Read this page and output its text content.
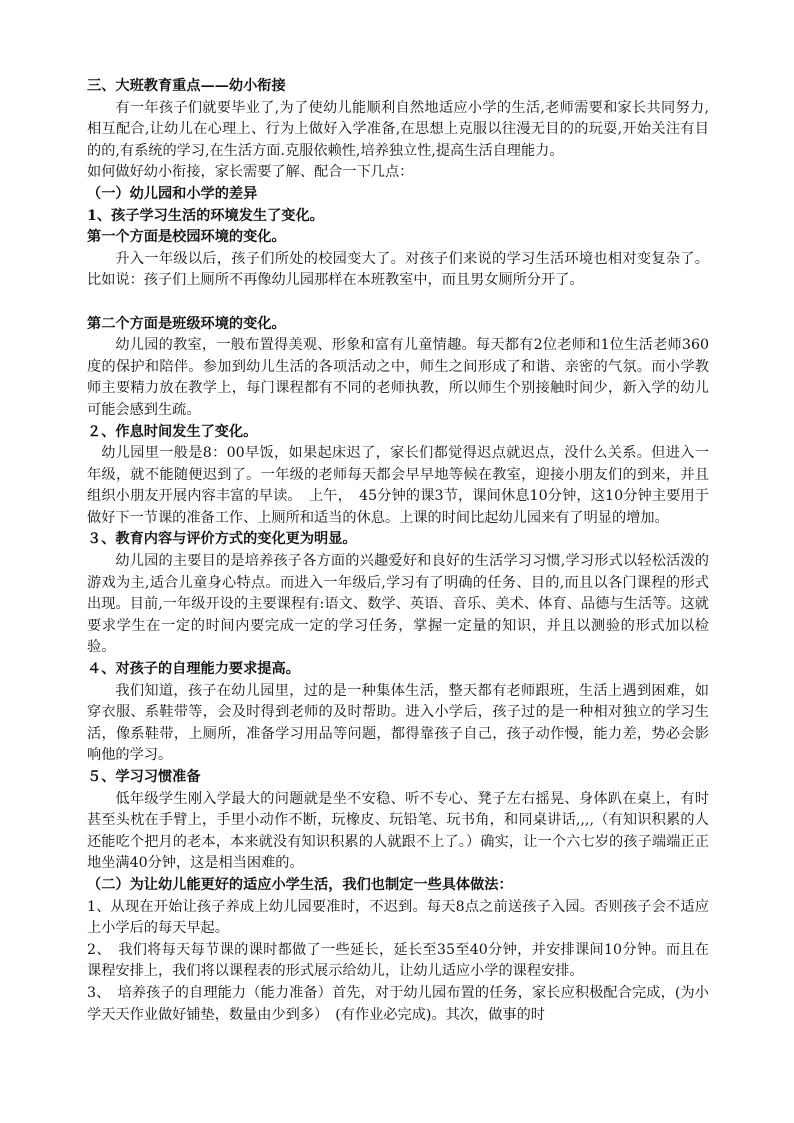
三、大班教育重点——幼小衔接

有一年孩子们就要毕业了,为了使幼儿能顺利自然地适应小学的生活,老师需要和家长共同努力,相互配合,让幼儿在心理上、行为上做好入学准备,在思想上克服以往漫无目的的玩耍,开始关注有目的的,有系统的学习,在生活方面.克服依赖性,培养独立性,提高生活自理能力。

如何做好幼小衔接，家长需要了解、配合一下几点：

（一）幼儿园和小学的差异

1、孩子学习生活的环境发生了变化。

第一个方面是校园环境的变化。

升入一年级以后，孩子们所处的校园变大了。对孩子们来说的学习生活环境也相对变复杂了。比如说：孩子们上厕所不再像幼儿园那样在本班教室中，而且男女厕所分开了。

第二个方面是班级环境的变化。

幼儿园的教室，一般布置得美观、形象和富有儿童情趣。每天都有2位老师和1位生活老师360度的保护和陪伴。参加到幼儿生活的各项活动之中，师生之间形成了和谐、亲密的气氛。而小学教师主要精力放在教学上，每门课程都有不同的老师执教，所以师生个别接触时间少，新入学的幼儿可能会感到生疏。

２、作息时间发生了变化。

幼儿园里一般是8：00早饭，如果起床迟了，家长们都觉得迟点就迟点，没什么关系。但进入一年级，就不能随便迟到了。一年级的老师每天都会早早地等候在教室，迎接小朋友们的到来，并且组织小朋友开展内容丰富的早读。　上午，　45分钟的课3节，课间休息10分钟，这10分钟主要用于做好下一节课的准备工作、上厕所和适当的休息。上课的时间比起幼儿园来有了明显的增加。

３、教育内容与评价方式的变化更为明显。

幼儿园的主要目的是培养孩子各方面的兴趣爱好和良好的生活学习习惯,学习形式以轻松活泼的游戏为主,适合儿童身心特点。而进入一年级后,学习有了明确的任务、目的,而且以各门课程的形式出现。目前,一年级开设的主要课程有:语文、数学、英语、音乐、美术、体育、品德与生活等。这就要求学生在一定的时间内要完成一定的学习任务，掌握一定量的知识，并且以测验的形式加以检验。

４、对孩子的自理能力要求提高。

我们知道，孩子在幼儿园里，过的是一种集体生活，整天都有老师跟班，生活上遇到困难，如穿衣服、系鞋带等，会及时得到老师的及时帮助。进入小学后，孩子过的是一种相对独立的学习生活，像系鞋带，上厕所，准备学习用品等问题，都得靠孩子自己，孩子动作慢，能力差，势必会影响他的学习。

５、学习习惯准备

低年级学生刚入学最大的问题就是坐不安稳、听不专心、凳子左右摇晃、身体趴在桌上，有时甚至头枕在手臂上，手里小动作不断，玩橡皮、玩铅笔、玩书角，和同桌讲话,,,,（有知识积累的人还能吃个把月的老本，本来就没有知识积累的人就跟不上了。）确实，让一个六七岁的孩子端端正正地坐满40分钟，这是相当困难的。

（二）为让幼儿能更好的适应小学生活，我们也制定一些具体做法：

1、从现在开始让孩子养成上幼儿园要准时，不迟到。每天8点之前送孩子入园。否则孩子会不适应上小学后的每天早起。

2、　我们将每天每节课的课时都做了一些延长，延长至35至40分钟，并安排课间10分钟。而且在课程安排上，我们将以课程表的形式展示给幼儿，让幼儿适应小学的课程安排。

3、　培养孩子的自理能力（能力准备）首先，对于幼儿园布置的任务，家长应积极配合完成，(为小学天天作业做好铺垫，数量由少到多）　(有作业必完成)。其次，做事的时
